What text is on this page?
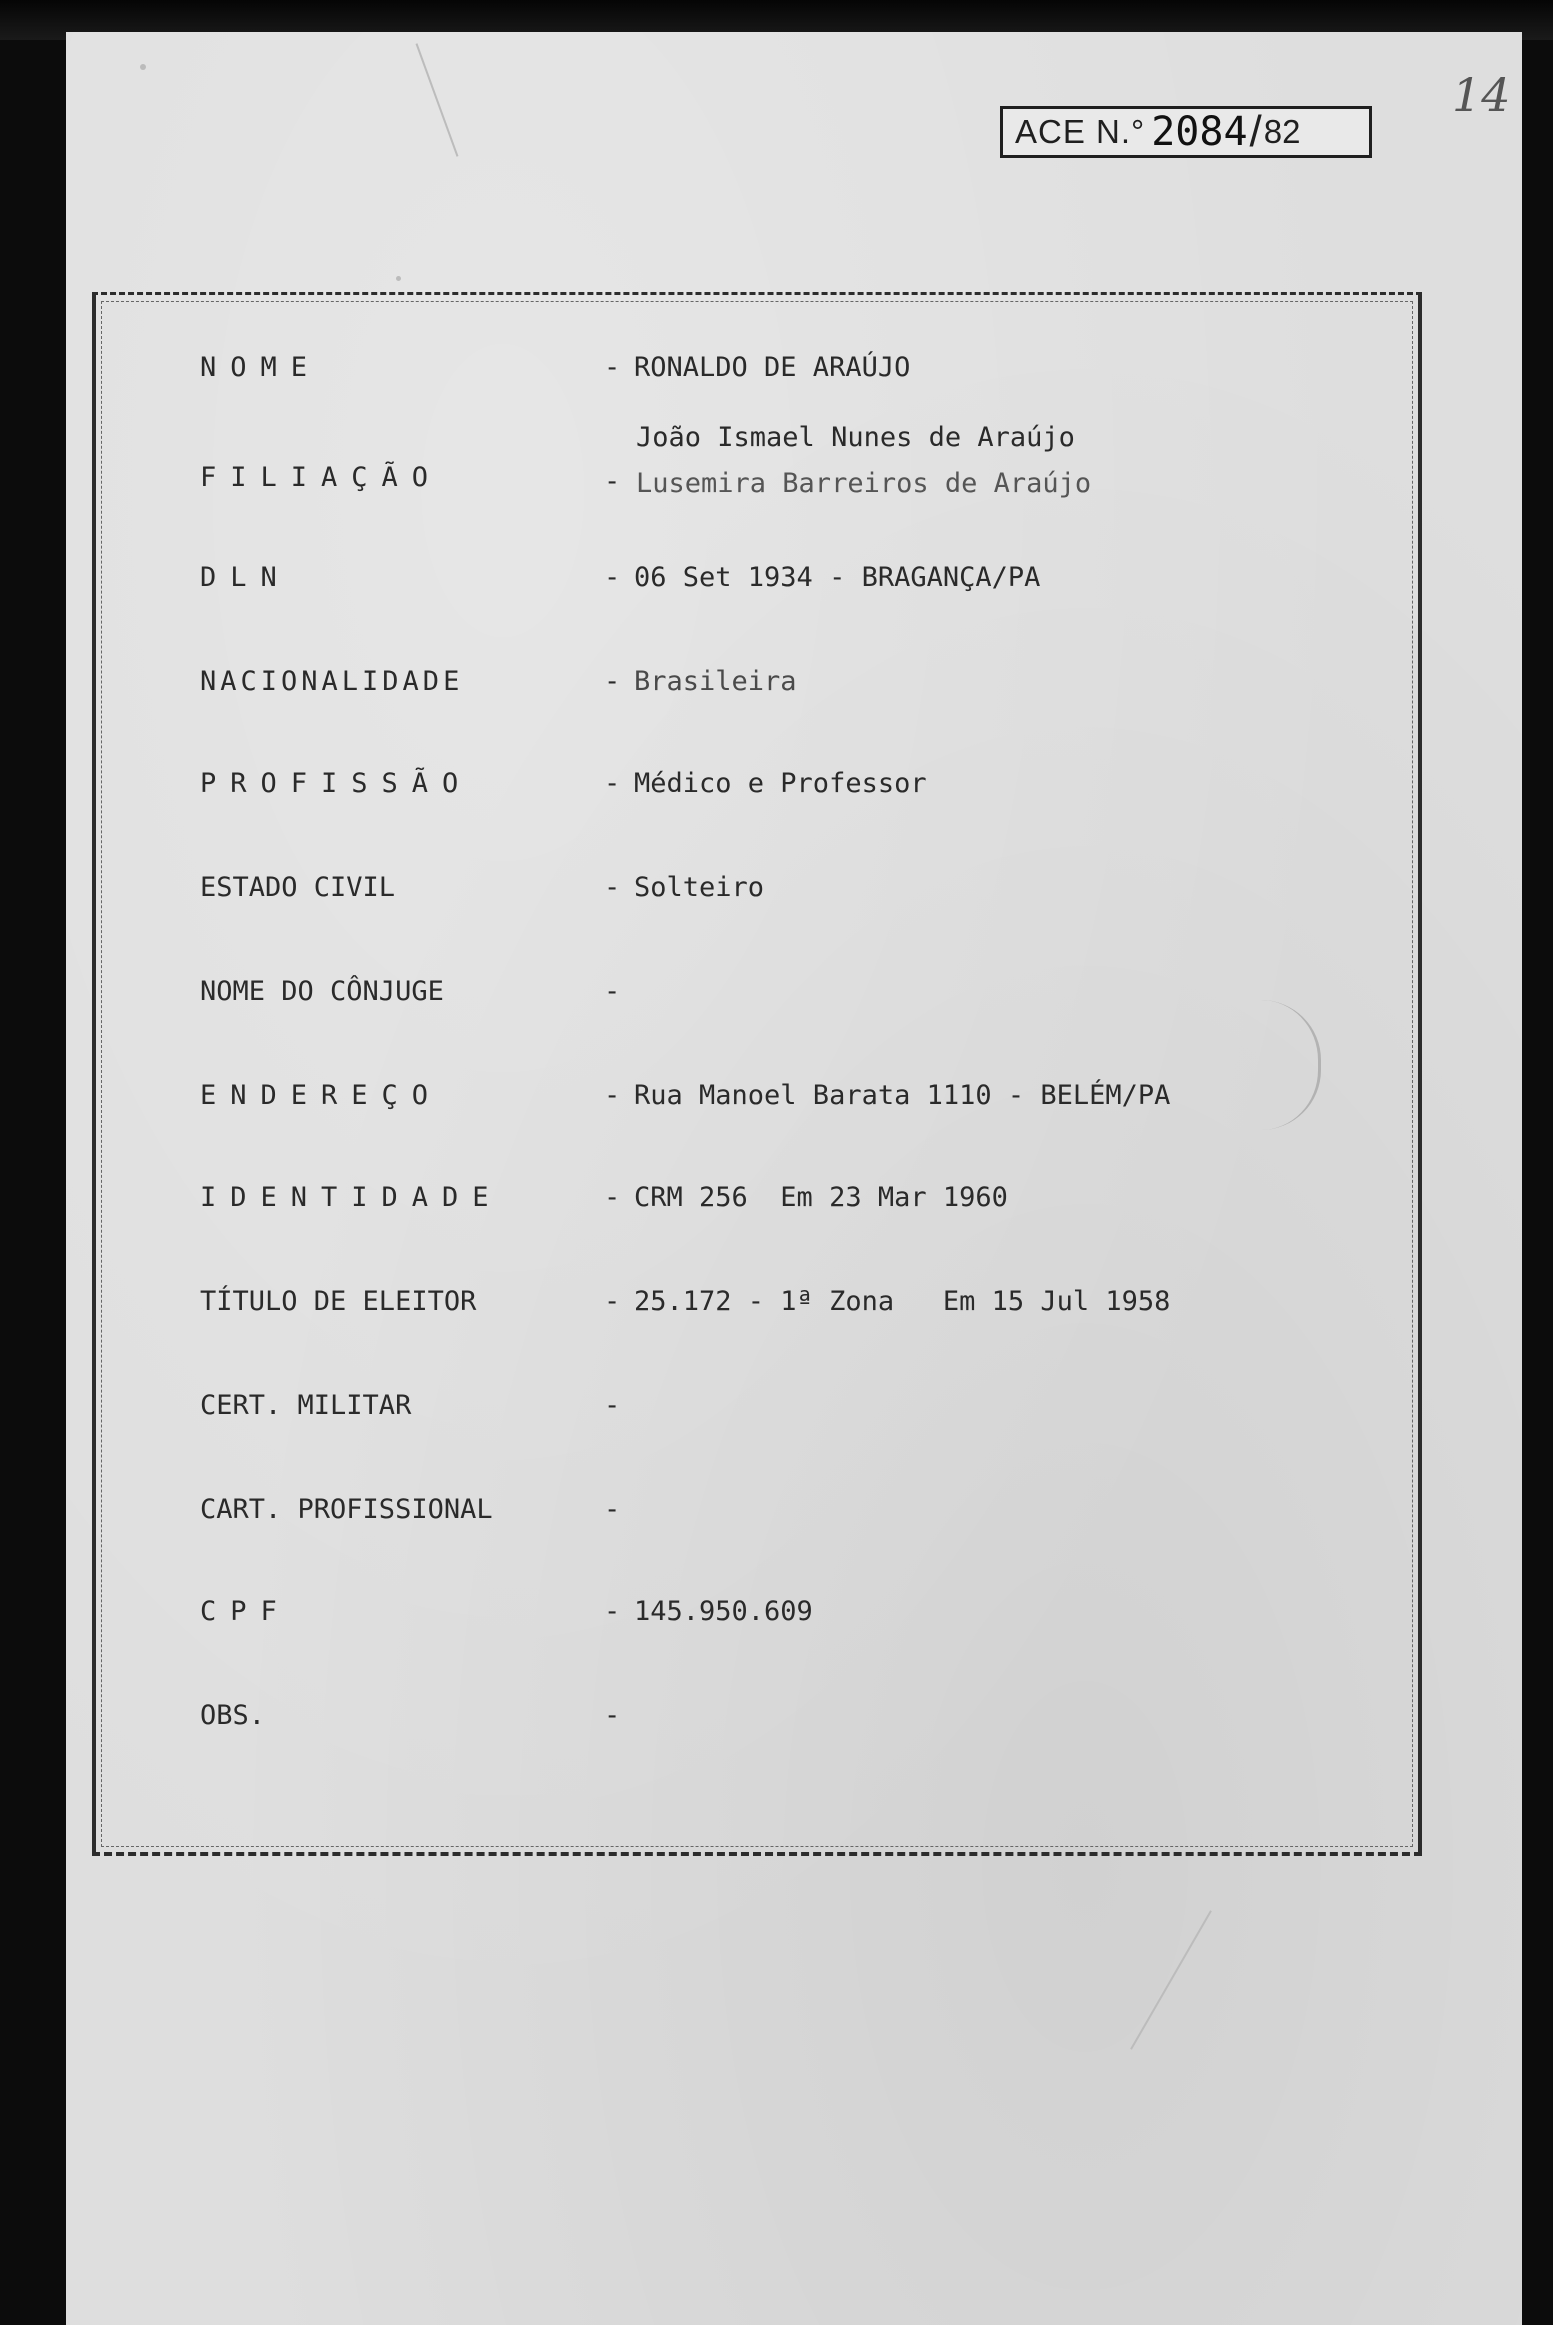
ACE N.° 2084 / 82
14
NOME	- RONALDO DE ARAÚJO
FILIAÇÃO	-
João Ismael Nunes de Araújo
Lusemira Barreiros de Araújo
DLN	- 06 Set 1934 - BRAGANÇA/PA
NACIONALIDADE	- Brasileira
PROFISSÃO	- Médico e Professor
ESTADO CIVIL	- Solteiro
NOME DO CÔNJUGE	-
ENDEREÇO	- Rua Manoel Barata 1110 - BELÉM/PA
IDENTIDADE	- CRM 256  Em 23 Mar 1960
TÍTULO DE ELEITOR	- 25.172 - 1ª Zona   Em 15 Jul 1958
CERT. MILITAR	-
CART. PROFISSIONAL	-
CPF	- 145.950.609
OBS.	-
